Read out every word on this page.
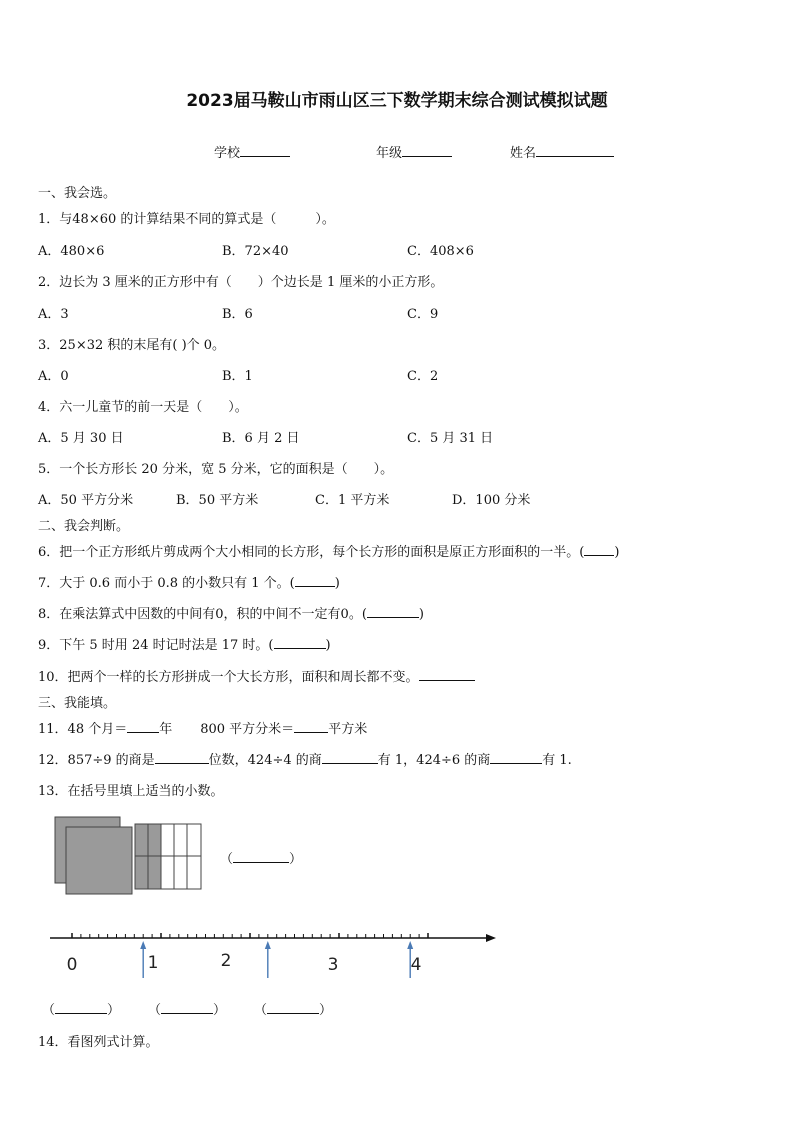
2023届马鞍山市雨山区三下数学期末综合测试模拟试题
学校	年级	姓名
一、我会选。
1．与48×60 的计算结果不同的算式是（　　　）。
A．480×6	B．72×40	C．408×6
2．边长为 3 厘米的正方形中有（　　）个边长是 1 厘米的小正方形。
A．3	B．6	C．9
3．25×32 积的末尾有( )个 0。
A．0	B．1	C．2
4．六一儿童节的前一天是（　　）。
A．5 月 30 日	B．6 月 2 日	C．5 月 31 日
5．一个长方形长 20 分米，宽 5 分米，它的面积是（　　）。
A．50 平方分米	B．50 平方米	C．1 平方米	D．100 分米
二、我会判断。
6．把一个正方形纸片剪成两个大小相同的长方形，每个长方形的面积是原正方形面积的一半。( )
7．大于 0.6 而小于 0.8 的小数只有 1 个。(	)
8．在乘法算式中因数的中间有0，积的中间不一定有0。(	)
9．下午 5 时用 24 时记时法是 17 时。(	)
10．把两个一样的长方形拼成一个大长方形，面积和周长都不变。
三、我能填。
11．48 个月＝ 年 800 平方分米＝	平方米
12．857÷9 的商是	位数，424÷4 的商	有 1，424÷6 的商	有 1.
13．在括号里填上适当的小数。
（	）
0	1	2	3	4
（	） （	） （	）
14．看图列式计算。
